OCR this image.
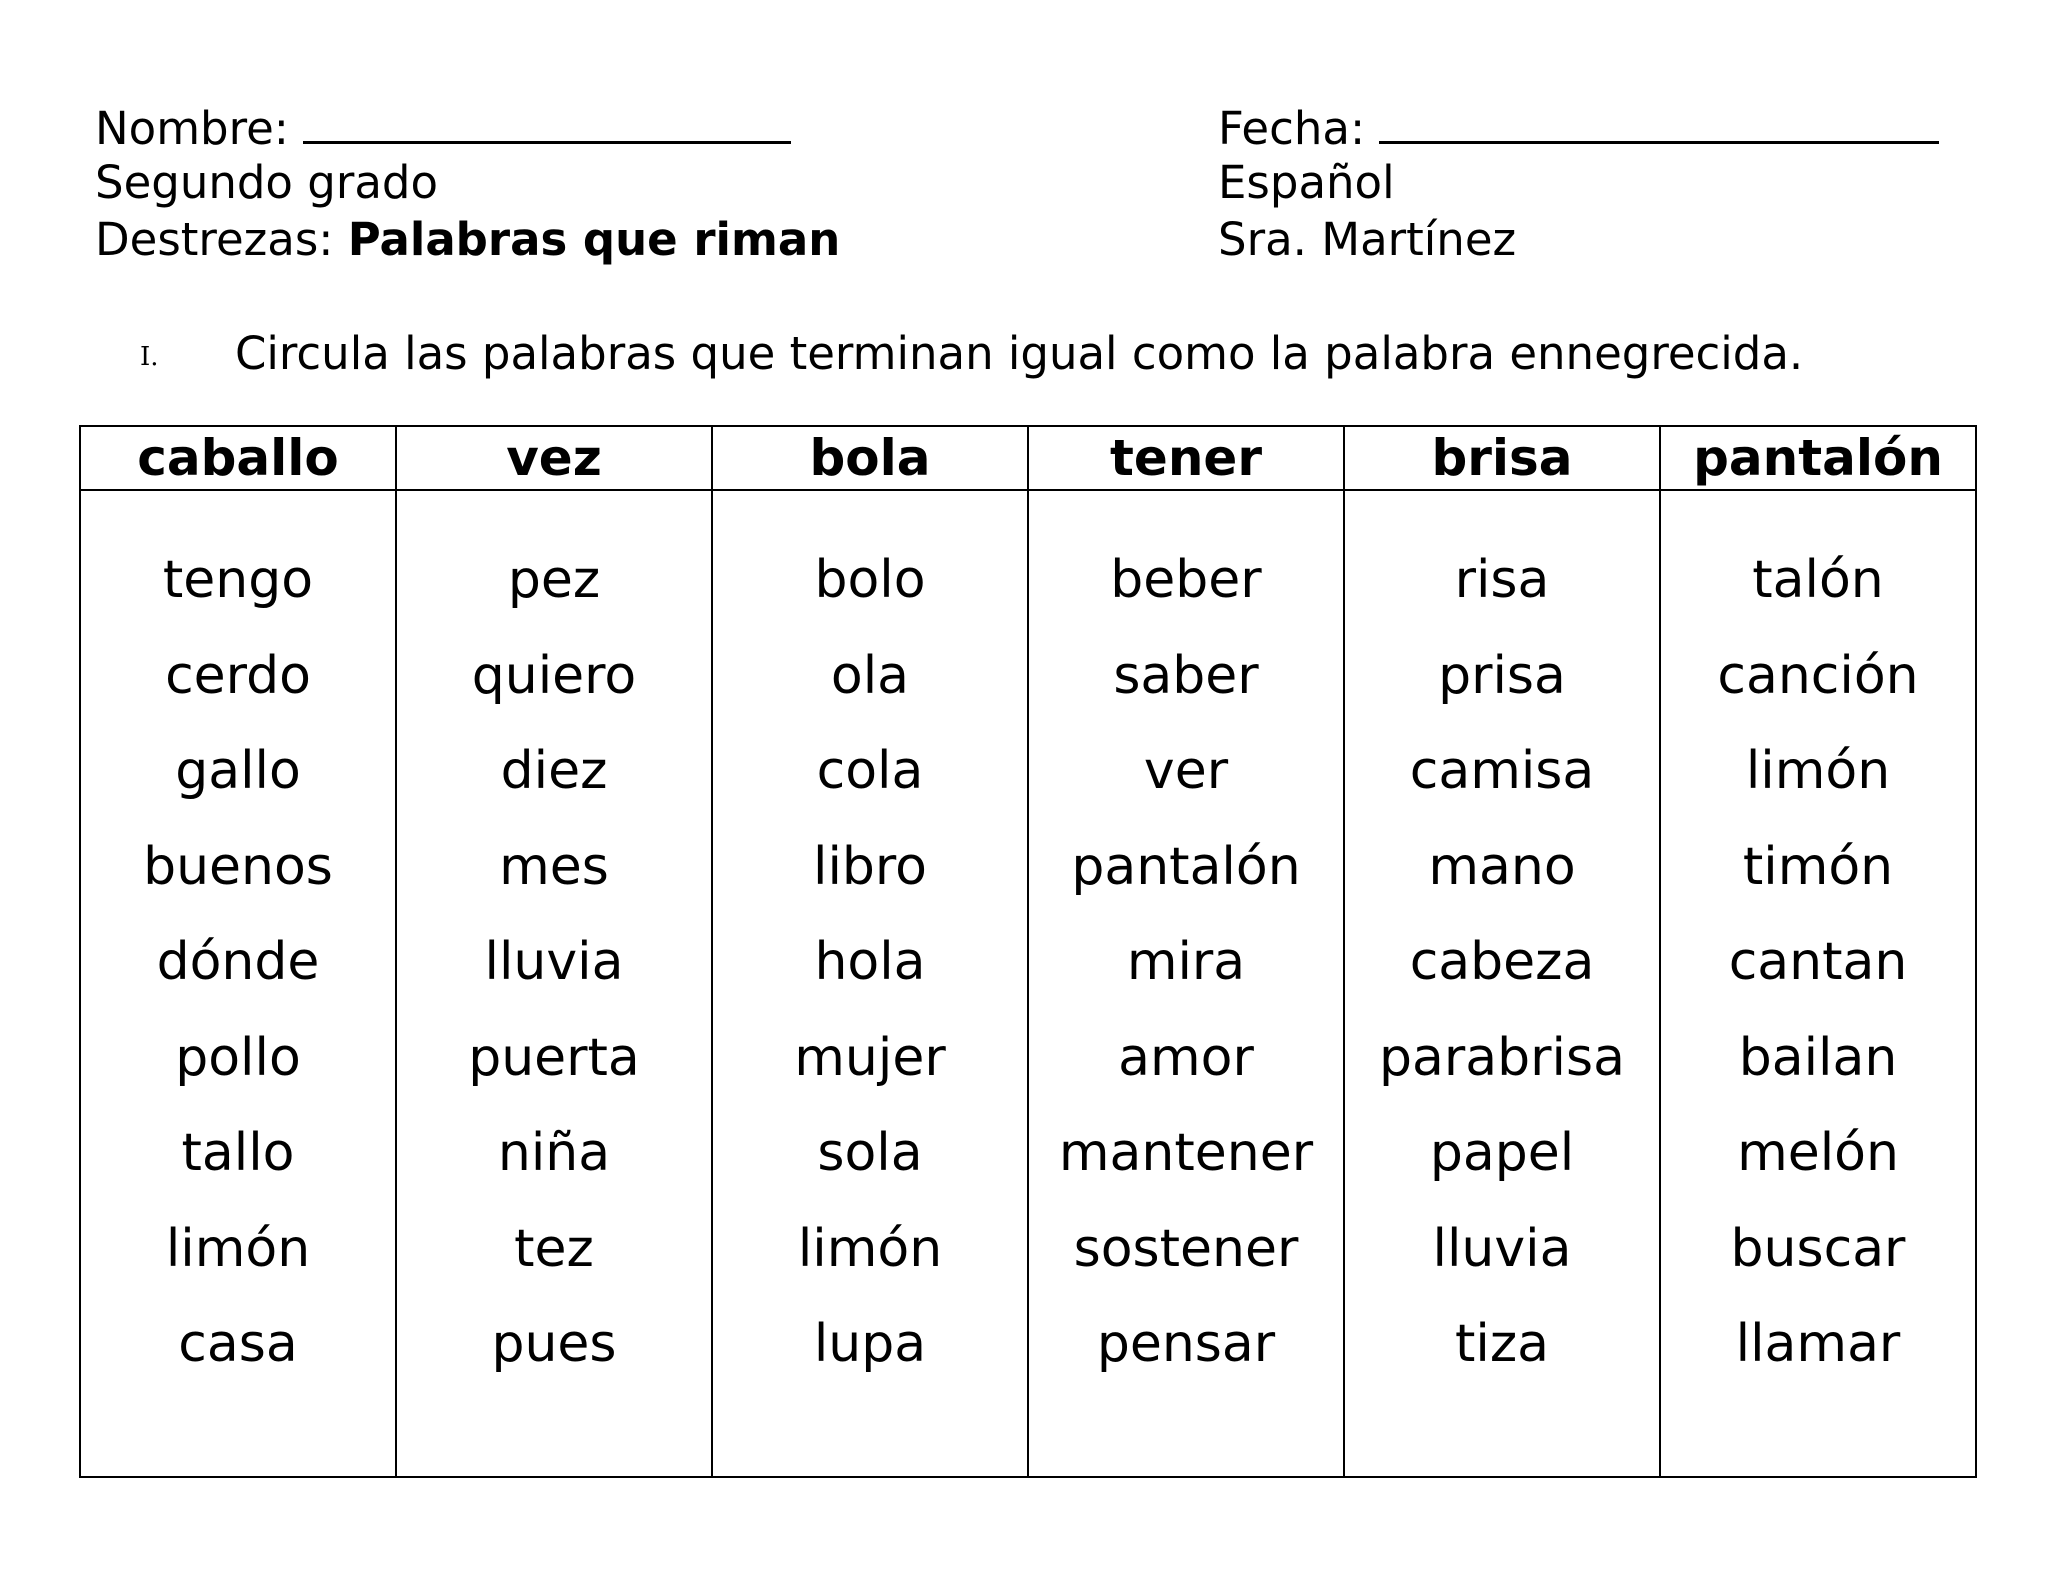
Nombre:
Segundo grado
Destrezas: Palabras que riman
Fecha:
Español
Sra. Martínez
I. Circula las palabras que terminan igual como la palabra ennegrecida.
caballo
tengo
cerdo
gallo
buenos
dónde
pollo
tallo
limón
casa
vez
pez
quiero
diez
mes
lluvia
puerta
niña
tez
pues
bola
bolo
ola
cola
libro
hola
mujer
sola
limón
lupa
tener
beber
saber
ver
pantalón
mira
amor
mantener
sostener
pensar
brisa
risa
prisa
camisa
mano
cabeza
parabrisa
papel
lluvia
tiza
pantalón
talón
canción
limón
timón
cantan
bailan
melón
buscar
llamar
